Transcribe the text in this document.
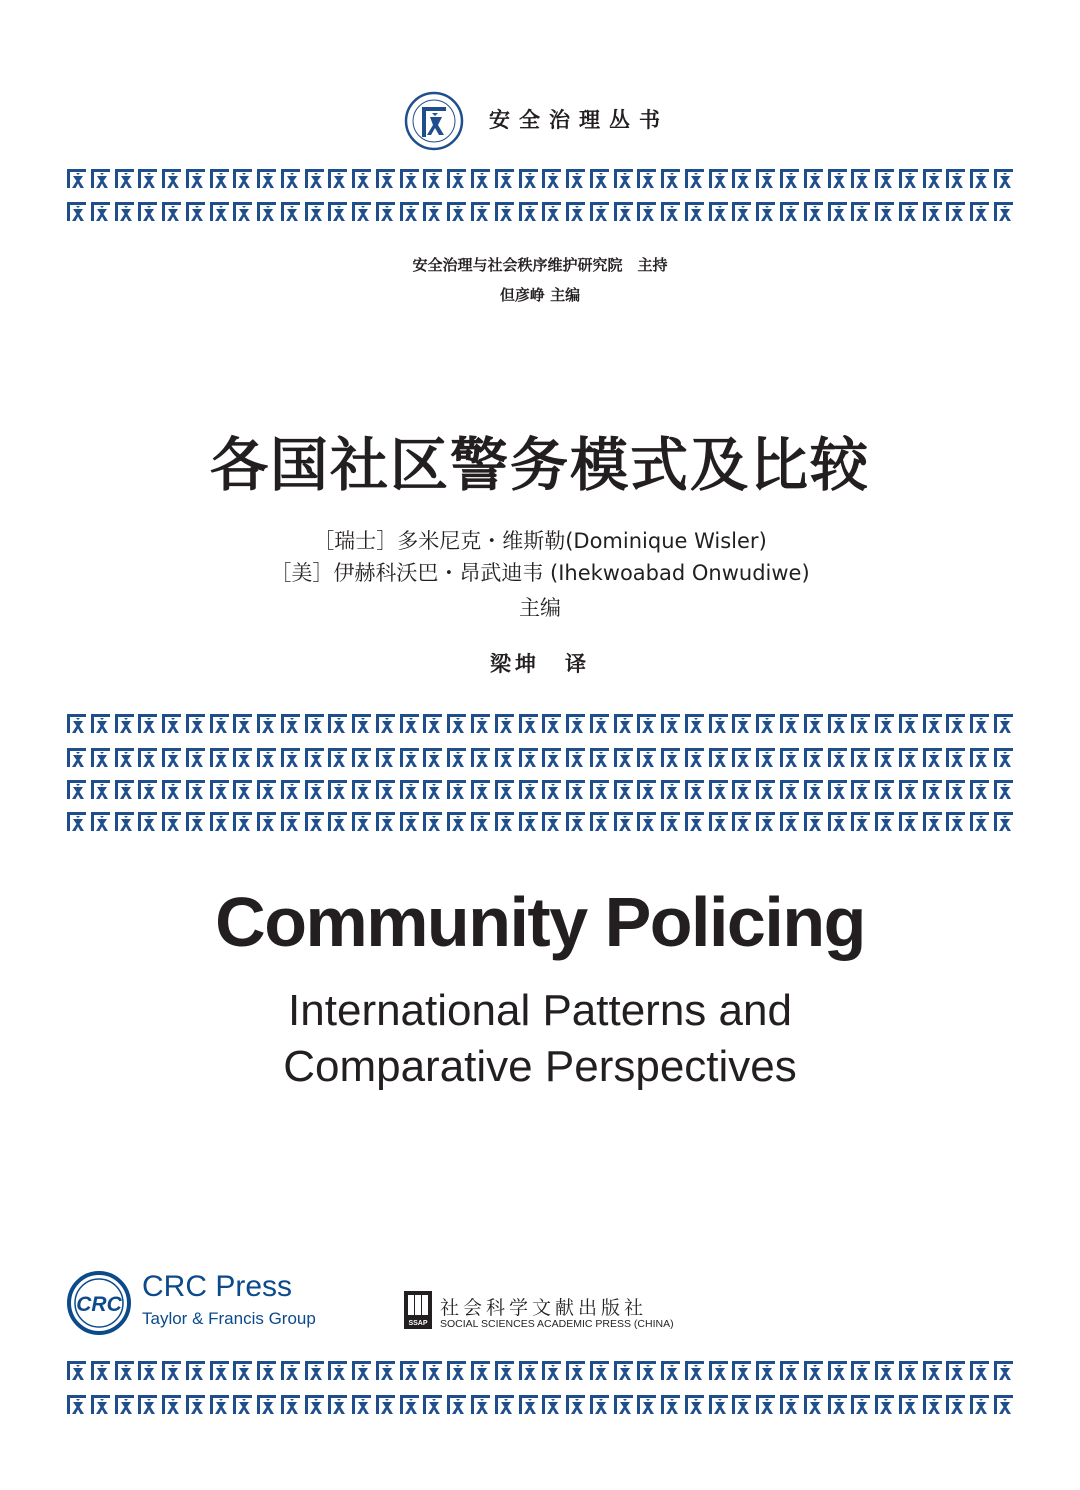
安全治理丛书
安全治理与社会秩序维护研究院　主持
但彦峥 主编
各国社区警务模式及比较
［瑞士］多米尼克・维斯勒(Dominique Wisler)
［美］伊赫科沃巴・昂武迪韦 (Ihekwoabad Onwudiwe)
主编
梁坤　译
Community Policing
International Patterns and
Comparative Perspectives
CRC
CRC Press
Taylor & Francis Group	SSAP
社会科学文献出版社
SOCIAL SCIENCES ACADEMIC PRESS (CHINA)
